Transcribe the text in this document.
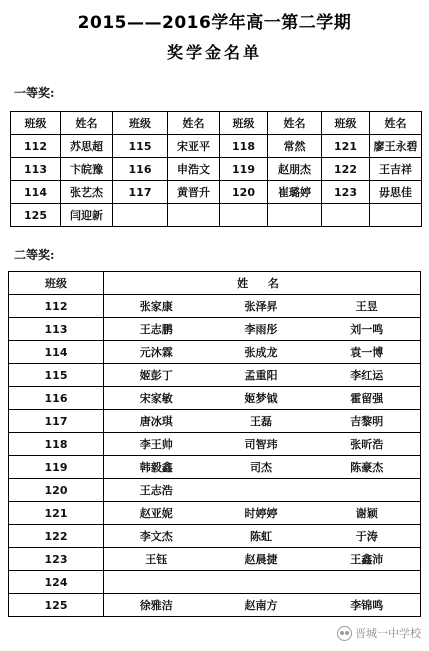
2015——2016学年高一第二学期
奖学金名单
一等奖:
班级	姓名	班级	姓名	班级	姓名	班级	姓名
112	苏思超	115	宋亚平	118	常然	121	廖王永碧
113	卞皖豫	116	申浩文	119	赵朋杰	122	王吉祥
114	张艺杰	117	黄晋升	120	崔璐婷	123	毋思佳
125	闫迎新						
二等奖:
班级	姓 名		
112	张家康	张泽昇	王昱
113	王志鹏	李雨彤	刘一鸣
114	元沐霖	张成龙	袁一博
115	姬彭丁	孟重阳	李红运
116	宋家敏	姬梦钺	霍留强
117	唐冰琪	王磊	吉黎明
118	李王帅	司智玮	张昕浩
119	韩毅鑫	司杰	陈豪杰
120	王志浩		
121	赵亚妮	时婷婷	谢颖
122	李文杰	陈虹	于涛
123	王钰	赵晨捷	王鑫沛
124			
125	徐雅洁	赵南方	李锦鸣
晋城一中学校
